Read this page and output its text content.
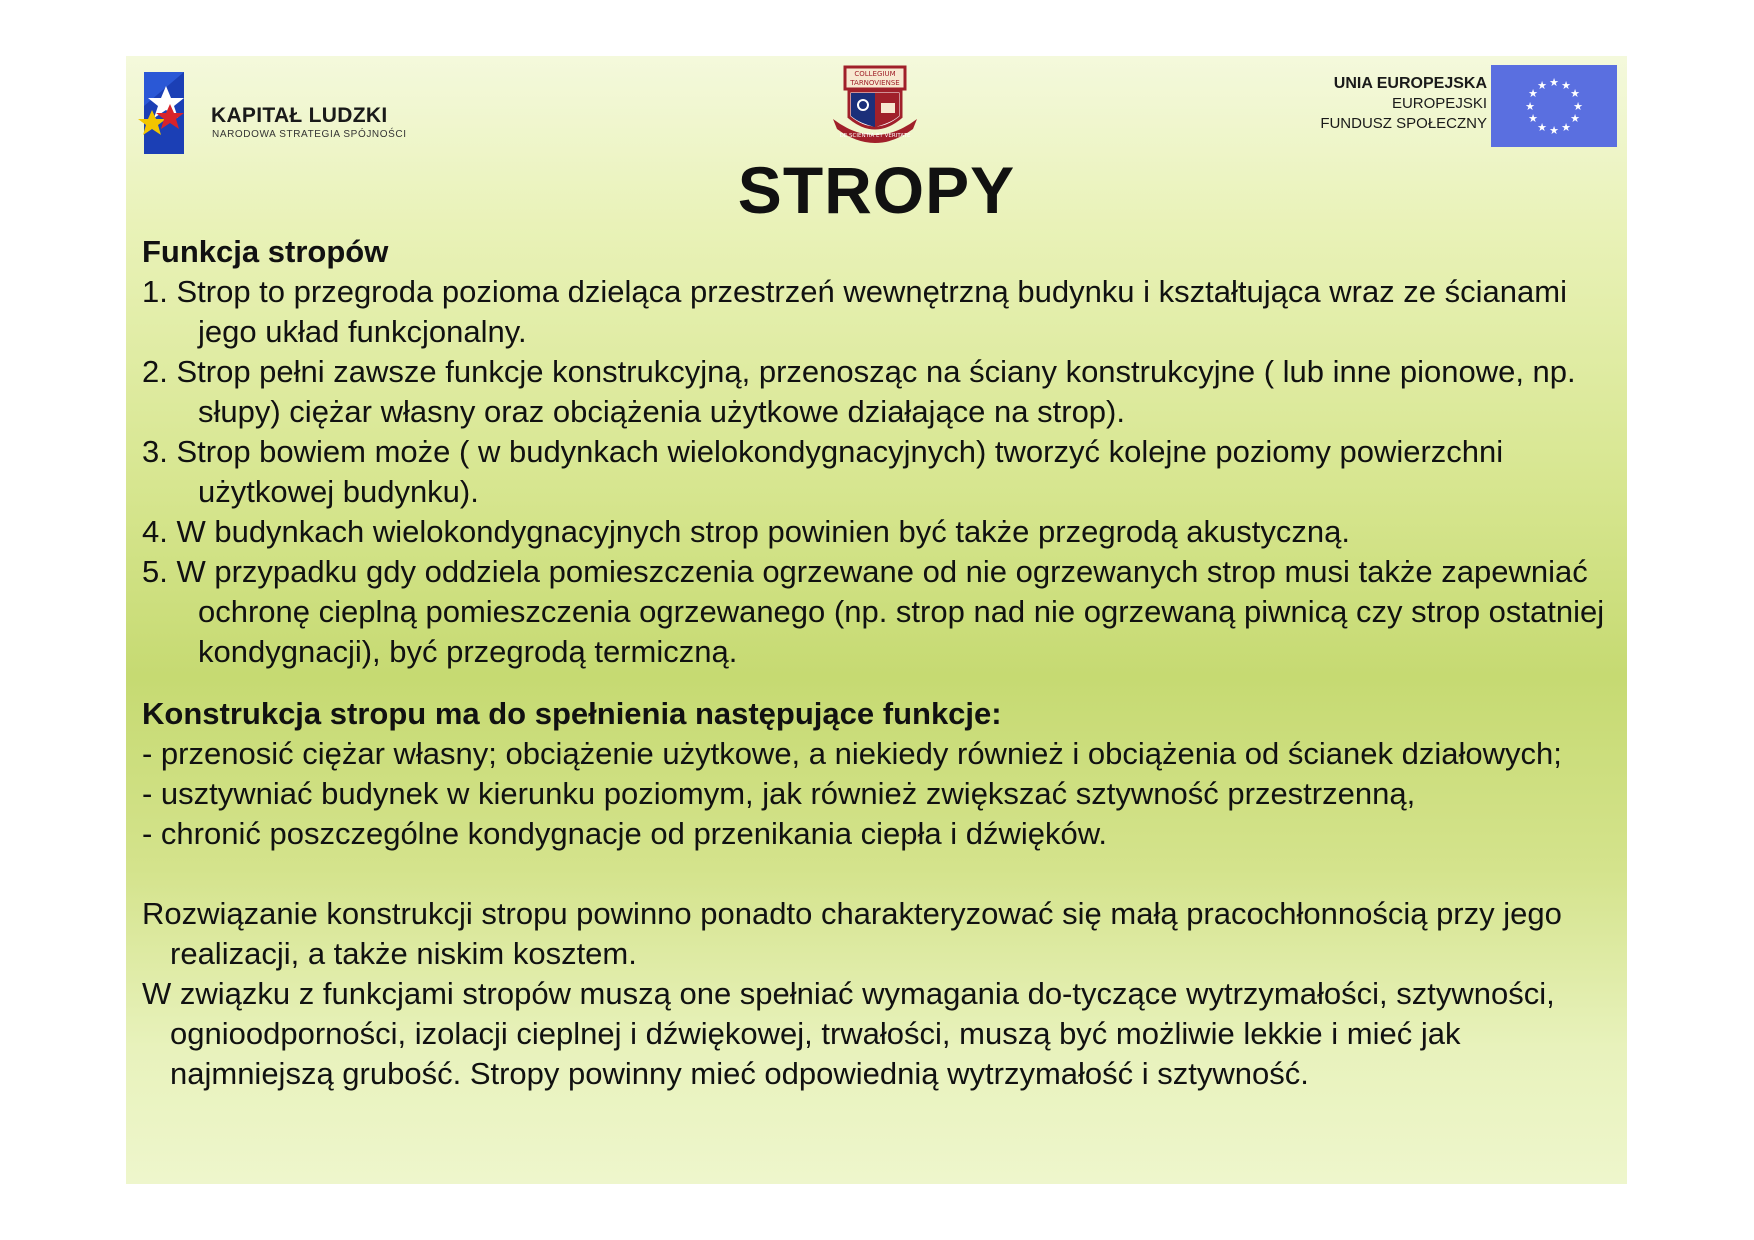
KAPITAŁ LUDZKI
NARODOWA STRATEGIA SPÓJNOŚCI
COLLEGIUM
TARNOVIENSE
DE SCIENTIA ET VERITATE
UNIA EUROPEJSKA
EUROPEJSKI
FUNDUSZ SPOŁECZNY
★ ★
★
★
★
★
★
★
★
★
★
★
STROPY
Funkcja stropów
1. Strop to przegroda pozioma dzieląca przestrzeń wewnętrzną budynku i kształtująca wraz ze ścianami jego układ funkcjonalny.
2. Strop pełni zawsze funkcje konstrukcyjną, przenosząc na ściany konstrukcyjne ( lub inne pionowe, np. słupy) ciężar własny oraz obciążenia użytkowe działające na strop).
3. Strop bowiem może ( w budynkach wielokondygnacyjnych) tworzyć kolejne poziomy powierzchni użytkowej budynku).
4. W budynkach wielokondygnacyjnych strop powinien być także przegrodą akustyczną.
5. W przypadku gdy oddziela pomieszczenia ogrzewane od nie ogrzewanych strop musi także zapewniać ochronę cieplną pomieszczenia ogrzewanego (np. strop nad nie ogrzewaną piwnicą czy strop ostatniej kondygnacji), być przegrodą termiczną.
Konstrukcja stropu ma do spełnienia następujące funkcje:
- przenosić ciężar własny; obciążenie użytkowe, a niekiedy również i obciążenia od ścianek działowych;
- usztywniać budynek w kierunku poziomym, jak również zwiększać sztywność przestrzenną,
- chronić poszczególne kondygnacje od przenikania ciepła i dźwięków.
Rozwiązanie konstrukcji stropu powinno ponadto charakteryzować się małą pracochłonnością przy jego realizacji, a także niskim kosztem.
W związku z funkcjami stropów muszą one spełniać wymagania do-tyczące wytrzymałości, sztywności, ognioodporności, izolacji cieplnej i dźwiękowej, trwałości, muszą być możliwie lekkie i mieć jak najmniejszą grubość. Stropy powinny mieć odpowiednią wytrzymałość i sztywność.
